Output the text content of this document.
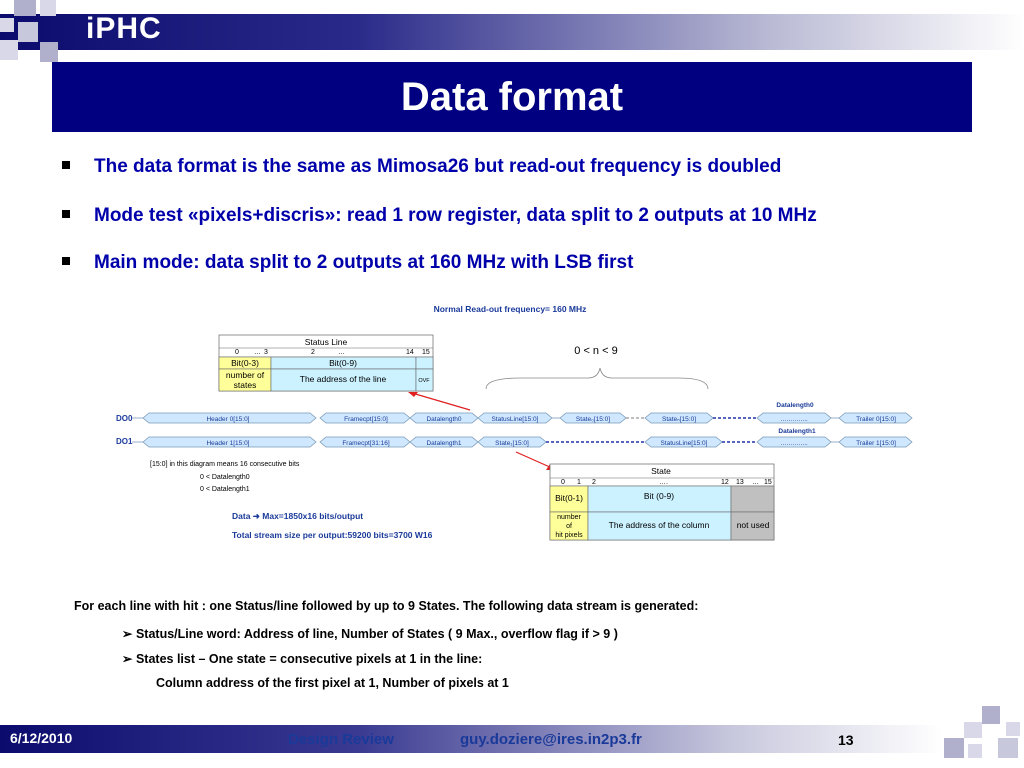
iPHC
Data format
The data format is the same as Mimosa26 but read-out frequency is doubled
Mode test «pixels+discris»: read 1 row register, data split to 2 outputs at 10 MHz
Main mode: data split to 2 outputs at 160 MHz with LSB first
Normal Read-out frequency= 160 MHz
Status Line
0 … 3	2	…	14 15
Bit(0-3)	Bit(0-9)
number of
states
The address of the line	OVF
0 < n < 9
Datalength0
Datalength1
DO0	Header 0[15:0]	Framecpt[15:0]	Datalength0	StatusLine[15:0]	State₀[15:0]	Stateₙ[15:0]	…………..	Trailer 0[15:0]
DO1	Header 1[15:0]	Framecpt[31:16]	Datalength1	State₁[15:0]	StatusLine[15:0]	…………..	Trailer 1[15:0]
[15:0] in this diagram means 16 consecutive bits
0 < Datalength0
0 < Datalength1
Data ➜ Max=1850x16 bits/output
Total stream size per output:59200 bits=3700 W16
State
0 1 2	….	12 13 … 15
Bit(0-1)	Bit (0-9)
number
of
hit pixels
The address of the column	not used
For each line with hit : one Status/line followed by up to 9 States. The following data stream is generated:
➢ Status/Line word: Address of line, Number of States ( 9 Max., overflow flag if > 9 )
➢ States list – One state = consecutive pixels at 1 in the line:
Column address of the first pixel at 1, Number of pixels at 1
6/12/2010	Design Review	guy.doziere@ires.in2p3.fr	13
